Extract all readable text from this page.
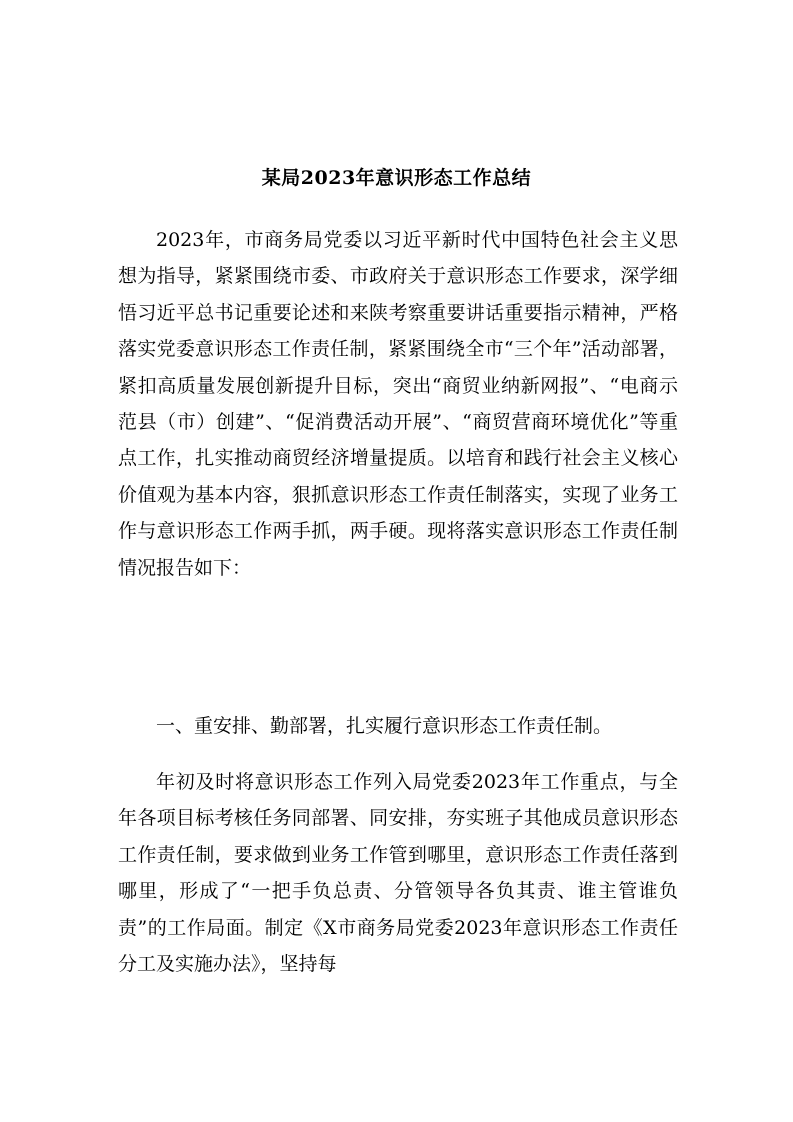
某局2023年意识形态工作总结

2023年，市商务局党委以习近平新时代中国特色社会主义思想为指导，紧紧围绕市委、市政府关于意识形态工作要求，深学细悟习近平总书记重要论述和来陕考察重要讲话重要指示精神，严格落实党委意识形态工作责任制，紧紧围绕全市“三个年”活动部署，紧扣高质量发展创新提升目标，突出“商贸业纳新网报”、“电商示范县（市）创建”、“促消费活动开展”、“商贸营商环境优化”等重点工作，扎实推动商贸经济增量提质。以培育和践行社会主义核心价值观为基本内容，狠抓意识形态工作责任制落实，实现了业务工作与意识形态工作两手抓，两手硬。现将落实意识形态工作责任制情况报告如下：

一、重安排、勤部署，扎实履行意识形态工作责任制。

年初及时将意识形态工作列入局党委2023年工作重点，与全年各项目标考核任务同部署、同安排，夯实班子其他成员意识形态工作责任制，要求做到业务工作管到哪里，意识形态工作责任落到哪里，形成了“一把手负总责、分管领导各负其责、谁主管谁负责”的工作局面。制定《X市商务局党委2023年意识形态工作责任分工及实施办法》，坚持每
